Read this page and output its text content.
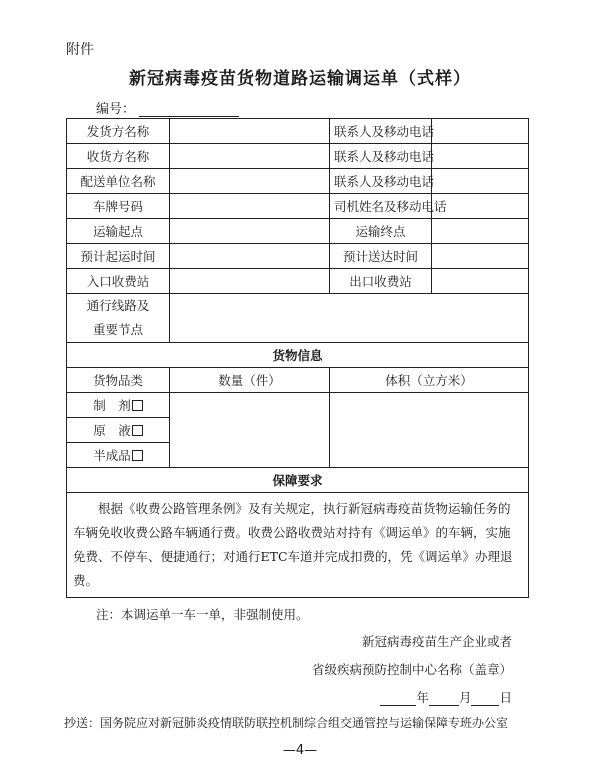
附件
新冠病毒疫苗货物道路运输调运单（式样）
编号：
发货方名称		联系人及移动电话	
收货方名称		联系人及移动电话	
配送单位名称		联系人及移动电话	
车牌号码		司机姓名及移动电话	
运输起点		运输终点	
预计起运时间		预计送达时间	
入口收费站		出口收费站	

通行线路及
重要节点			

货物信息			
货物品类	数量（件）	体积（立方米）	
制　剂			
原　液			
半成品			
保障要求			
根据《收费公路管理条例》及有关规定，执行新冠病毒疫苗货物运输任务的车辆免收收费公路车辆通行费。收费公路收费站对持有《调运单》的车辆，实施免费、不停车、便捷通行；对通行ETC车道并完成扣费的，凭《调运单》办理退费。			
注：本调运单一车一单，非强制使用。
新冠病毒疫苗生产企业或者
省级疾病预防控制中心名称（盖章）
年 月 日
抄送：国务院应对新冠肺炎疫情联防联控机制综合组交通管控与运输保障专班办公室
—4—
